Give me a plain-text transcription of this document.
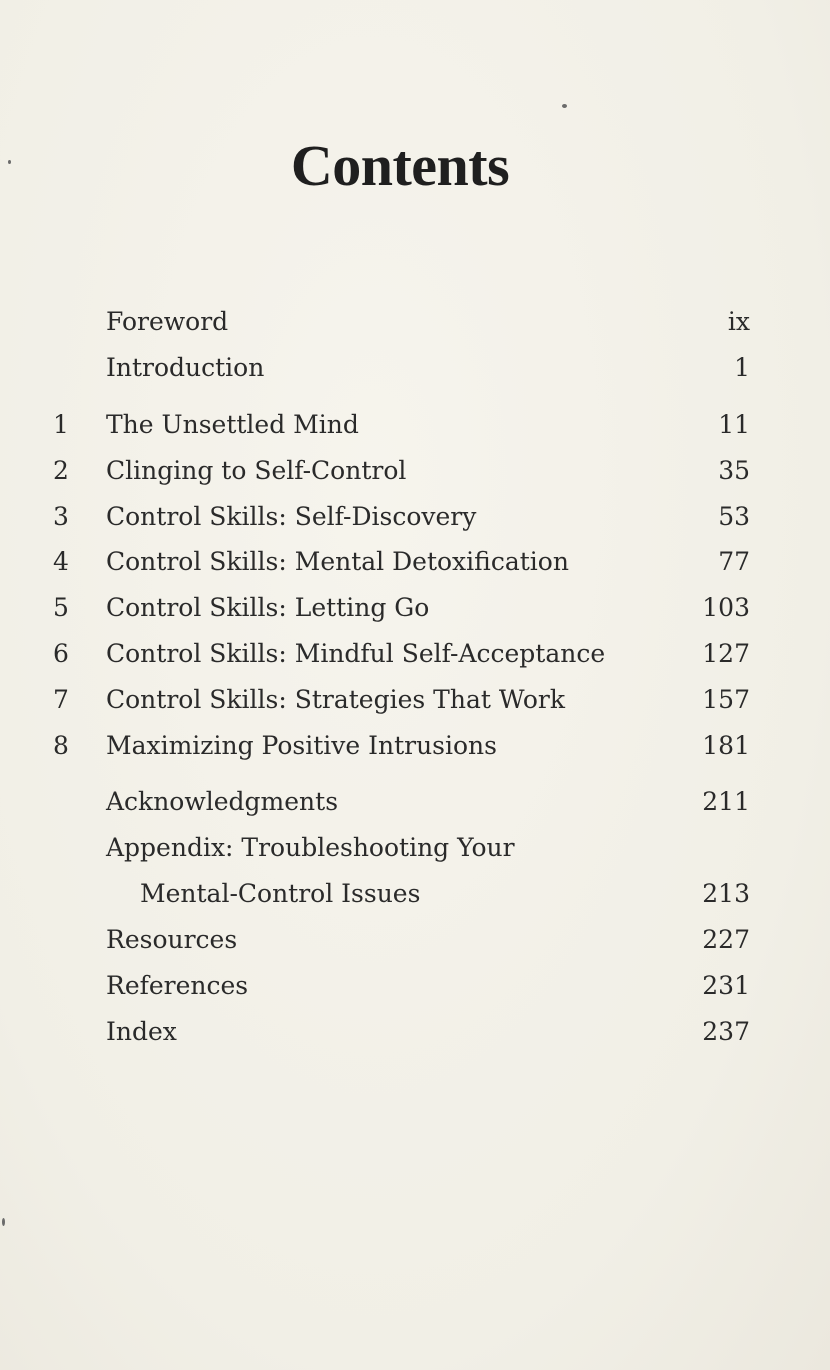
Contents
Foreword	ix
Introduction	1
1 The Unsettled Mind	11
2 Clinging to Self-Control	35
3 Control Skills: Self-Discovery	53
4 Control Skills: Mental Detoxification	77
5 Control Skills: Letting Go	103
6 Control Skills: Mindful Self-Acceptance	127
7 Control Skills: Strategies That Work	157
8 Maximizing Positive Intrusions	181
Acknowledgments	211
Appendix: Troubleshooting Your
Mental-Control Issues	213
Resources	227
References	231
Index	237
